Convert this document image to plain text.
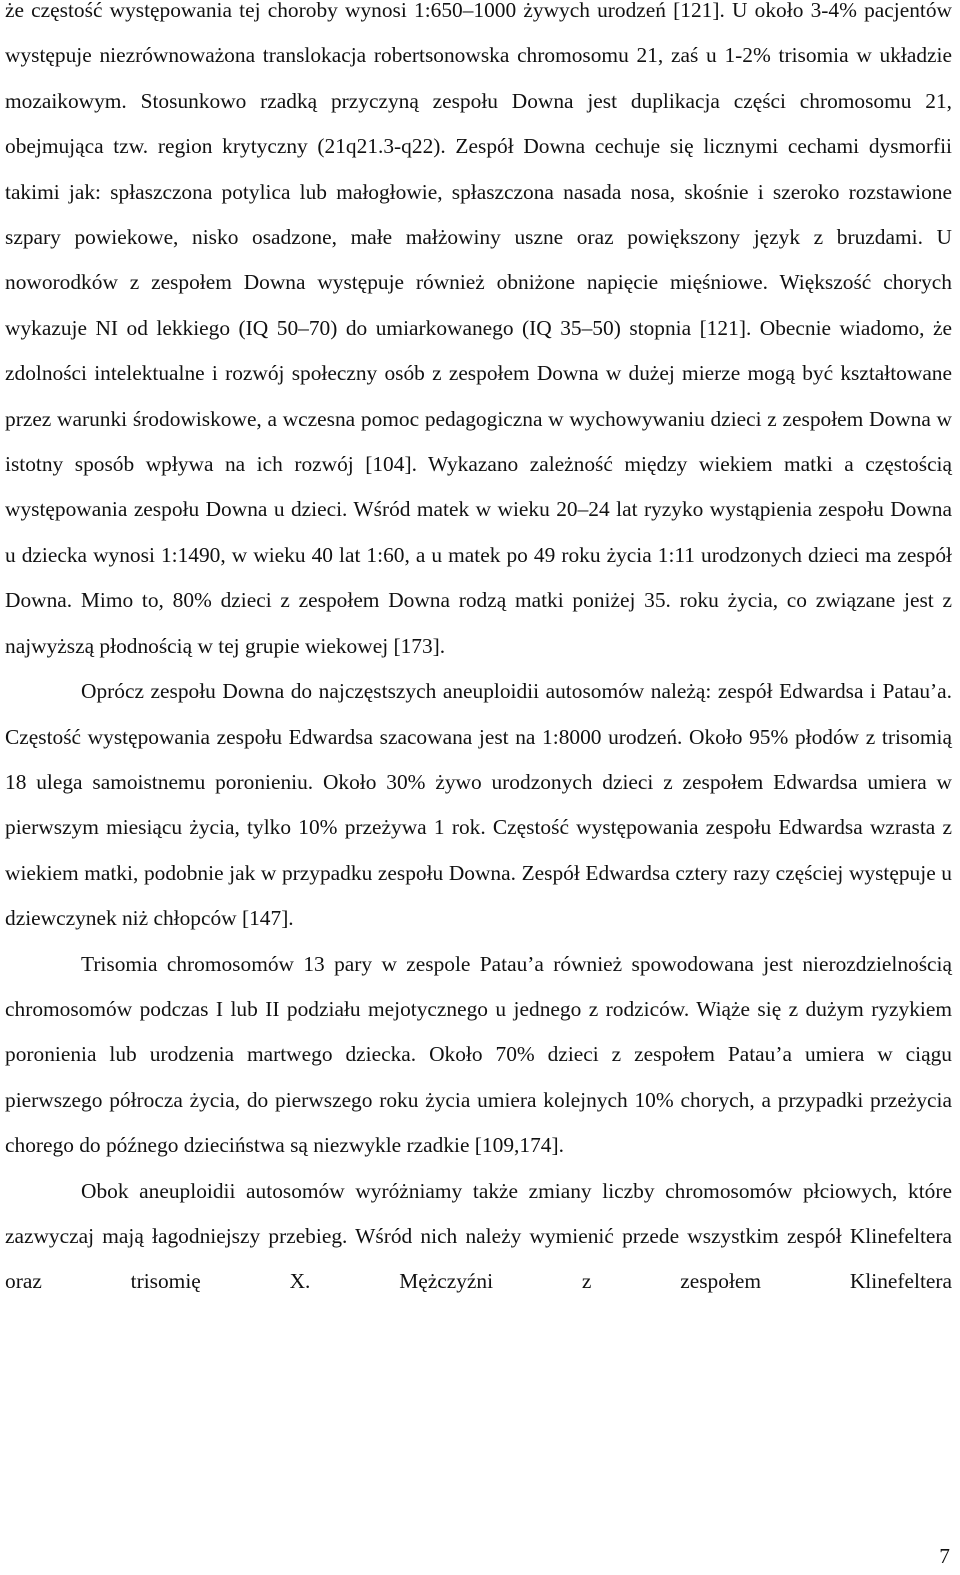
że częstość występowania tej choroby wynosi 1:650–1000 żywych urodzeń [121]. U około 3-4% pacjentów występuje niezrównoważona translokacja robertsonowska chromosomu 21, zaś u 1-2% trisomia w układzie mozaikowym. Stosunkowo rzadką przyczyną zespołu Downa jest duplikacja części chromosomu 21, obejmująca tzw. region krytyczny (21q21.3-q22). Zespół Downa cechuje się licznymi cechami dysmorfii takimi jak: spłaszczona potylica lub małogłowie, spłaszczona nasada nosa, skośnie i szeroko rozstawione szpary powiekowe, nisko osadzone, małe małżowiny uszne oraz powiększony język z bruzdami. U noworodków z zespołem Downa występuje również obniżone napięcie mięśniowe. Większość chorych wykazuje NI od lekkiego (IQ 50–70) do umiarkowanego (IQ 35–50) stopnia [121]. Obecnie wiadomo, że zdolności intelektualne i rozwój społeczny osób z zespołem Downa w dużej mierze mogą być kształtowane przez warunki środowiskowe, a wczesna pomoc pedagogiczna w wychowywaniu dzieci z zespołem Downa w istotny sposób wpływa na ich rozwój [104]. Wykazano zależność między wiekiem matki a częstością występowania zespołu Downa u dzieci. Wśród matek w wieku 20–24 lat ryzyko wystąpienia zespołu Downa u dziecka wynosi 1:1490, w wieku 40 lat 1:60, a u matek po 49 roku życia 1:11 urodzonych dzieci ma zespół Downa. Mimo to, 80% dzieci z zespołem Downa rodzą matki poniżej 35. roku życia, co związane jest z najwyższą płodnością w tej grupie wiekowej [173].

Oprócz zespołu Downa do najczęstszych aneuploidii autosomów należą: zespół Edwardsa i Patau’a. Częstość występowania zespołu Edwardsa szacowana jest na 1:8000 urodzeń. Około 95% płodów z trisomią 18 ulega samoistnemu poronieniu. Około 30% żywo urodzonych dzieci z zespołem Edwardsa umiera w pierwszym miesiącu życia, tylko 10% przeżywa 1 rok. Częstość występowania zespołu Edwardsa wzrasta z wiekiem matki, podobnie jak w przypadku zespołu Downa. Zespół Edwardsa cztery razy częściej występuje u dziewczynek niż chłopców [147].

Trisomia chromosomów 13 pary w zespole Patau’a również spowodowana jest nierozdzielnością chromosomów podczas I lub II podziału mejotycznego u jednego z rodziców. Wiąże się z dużym ryzykiem poronienia lub urodzenia martwego dziecka. Około 70% dzieci z zespołem Patau’a umiera w ciągu pierwszego półrocza życia, do pierwszego roku życia umiera kolejnych 10% chorych, a przypadki przeżycia chorego do późnego dzieciństwa są niezwykle rzadkie [109,174].

Obok aneuploidii autosomów wyróżniamy także zmiany liczby chromosomów płciowych, które zazwyczaj mają łagodniejszy przebieg. Wśród nich należy wymienić przede wszystkim zespół Klinefeltera oraz trisomię X. Mężczyźni z zespołem Klinefeltera

7
